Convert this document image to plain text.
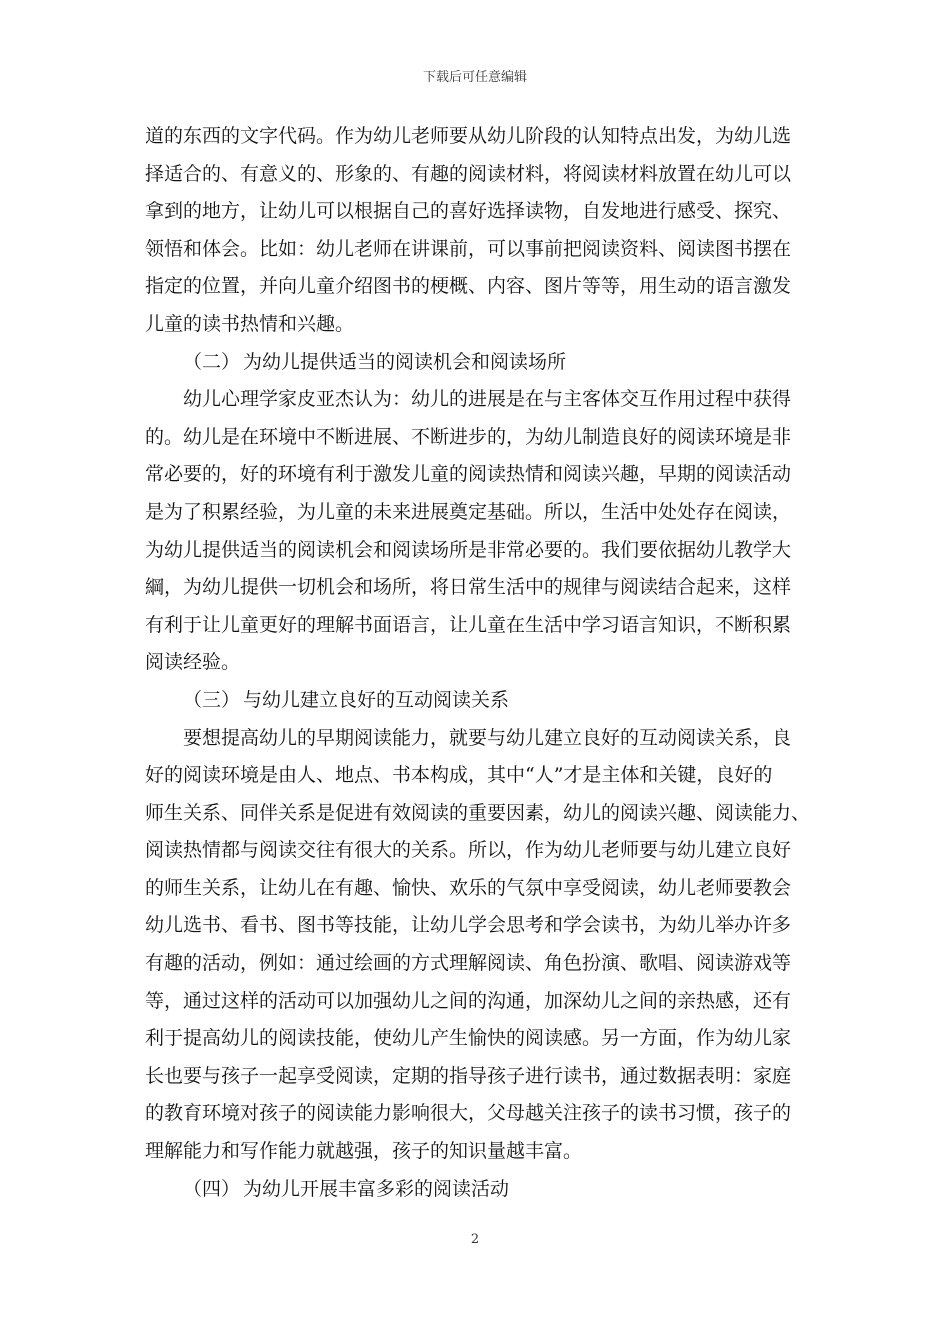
下载后可任意编辑
道的东西的文字代码。作为幼儿老师要从幼儿阶段的认知特点出发，为幼儿选
择适合的、有意义的、形象的、有趣的阅读材料，将阅读材料放置在幼儿可以
拿到的地方，让幼儿可以根据自己的喜好选择读物，自发地进行感受、探究、
领悟和体会。比如：幼儿老师在讲课前，可以事前把阅读资料、阅读图书摆在
指定的位置，并向儿童介绍图书的梗概、内容、图片等等，用生动的语言激发
儿童的读书热情和兴趣。
（二） 为幼儿提供适当的阅读机会和阅读场所
幼儿心理学家皮亚杰认为：幼儿的进展是在与主客体交互作用过程中获得
的。幼儿是在环境中不断进展、不断进步的，为幼儿制造良好的阅读环境是非
常必要的，好的环境有利于激发儿童的阅读热情和阅读兴趣，早期的阅读活动
是为了积累经验，为儿童的未来进展奠定基础。所以，生活中处处存在阅读，
为幼儿提供适当的阅读机会和阅读场所是非常必要的。我们要依据幼儿教学大
綱，为幼儿提供一切机会和场所，将日常生活中的规律与阅读结合起来，这样
有利于让儿童更好的理解书面语言，让儿童在生活中学习语言知识，不断积累
阅读经验。
（三） 与幼儿建立良好的互动阅读关系
要想提高幼儿的早期阅读能力，就要与幼儿建立良好的互动阅读关系，良
好的阅读环境是由人、地点、书本构成，其中“人”才是主体和关键，良好的
师生关系、同伴关系是促进有效阅读的重要因素，幼儿的阅读兴趣、阅读能力、
阅读热情都与阅读交往有很大的关系。所以，作为幼儿老师要与幼儿建立良好
的师生关系，让幼儿在有趣、愉快、欢乐的气氛中享受阅读，幼儿老师要教会
幼儿选书、看书、图书等技能，让幼儿学会思考和学会读书，为幼儿举办许多
有趣的活动，例如：通过绘画的方式理解阅读、角色扮演、歌唱、阅读游戏等
等，通过这样的活动可以加强幼儿之间的沟通，加深幼儿之间的亲热感，还有
利于提高幼儿的阅读技能，使幼儿产生愉快的阅读感。另一方面，作为幼儿家
长也要与孩子一起享受阅读，定期的指导孩子进行读书，通过数据表明：家庭
的教育环境对孩子的阅读能力影响很大，父母越关注孩子的读书习惯，孩子的
理解能力和写作能力就越强，孩子的知识量越丰富。
（四） 为幼儿开展丰富多彩的阅读活动
2
